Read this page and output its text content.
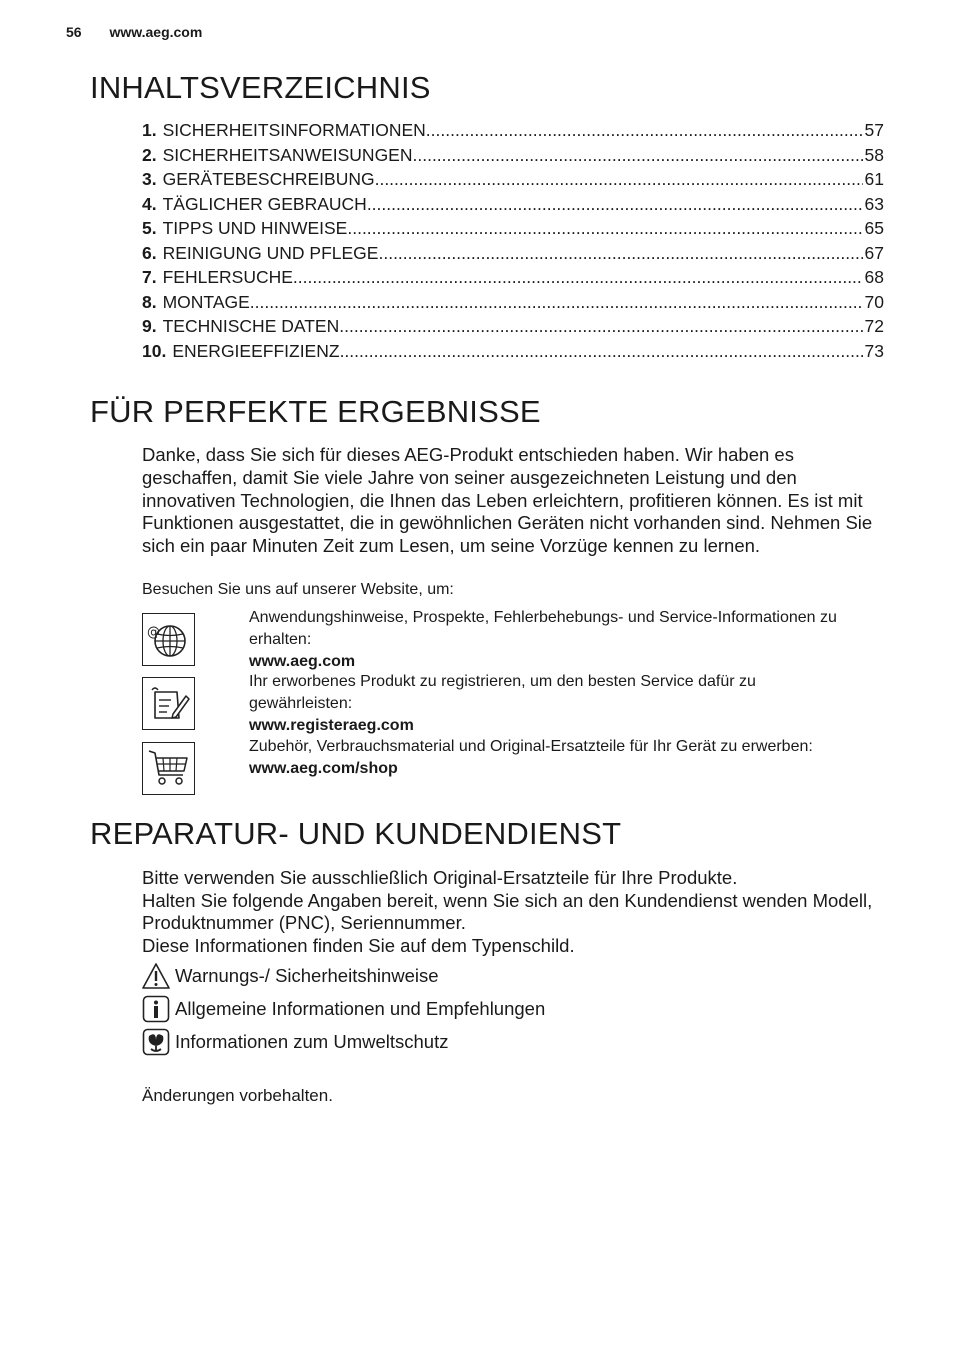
56 www.aeg.com
INHALTSVERZEICHNIS
1. SICHERHEITSINFORMATIONEN .....	57
2. SICHERHEITSANWEISUNGEN .....	58
3. GERÄTEBESCHREIBUNG .....	61
4. TÄGLICHER GEBRAUCH .....	63
5. TIPPS UND HINWEISE .....	65
6. REINIGUNG UND PFLEGE .....	67
7. FEHLERSUCHE .....	68
8. MONTAGE .....	70
9. TECHNISCHE DATEN .....	72
10. ENERGIEEFFIZIENZ .....	73
FÜR PERFEKTE ERGEBNISSE

Danke, dass Sie sich für dieses AEG-Produkt entschieden haben. Wir haben es geschaffen, damit Sie viele Jahre von seiner ausgezeichneten Leistung und den innovativen Technologien, die Ihnen das Leben erleichtern, profitieren können. Es ist mit Funktionen ausgestattet, die in gewöhnlichen Geräten nicht vorhanden sind. Nehmen Sie sich ein paar Minuten Zeit zum Lesen, um seine Vorzüge kennen zu lernen.

Besuchen Sie uns auf unserer Website, um:
@
Anwendungshinweise, Prospekte, Fehlerbehebungs- und Service-Informationen zu erhalten:
www.aeg.com
Ihr erworbenes Produkt zu registrieren, um den besten Service dafür zu gewährleisten:
www.registeraeg.com
Zubehör, Verbrauchsmaterial und Original-Ersatzteile für Ihr Gerät zu erwerben:
www.aeg.com/shop
REPARATUR- UND KUNDENDIENST
Bitte verwenden Sie ausschließlich Original-Ersatzteile für Ihre Produkte.
Halten Sie folgende Angaben bereit, wenn Sie sich an den Kundendienst wenden Modell, Produktnummer (PNC), Seriennummer.
Diese Informationen finden Sie auf dem Typenschild.
Warnungs-/ Sicherheitshinweise
Allgemeine Informationen und Empfehlungen
Informationen zum Umweltschutz
Änderungen vorbehalten.
